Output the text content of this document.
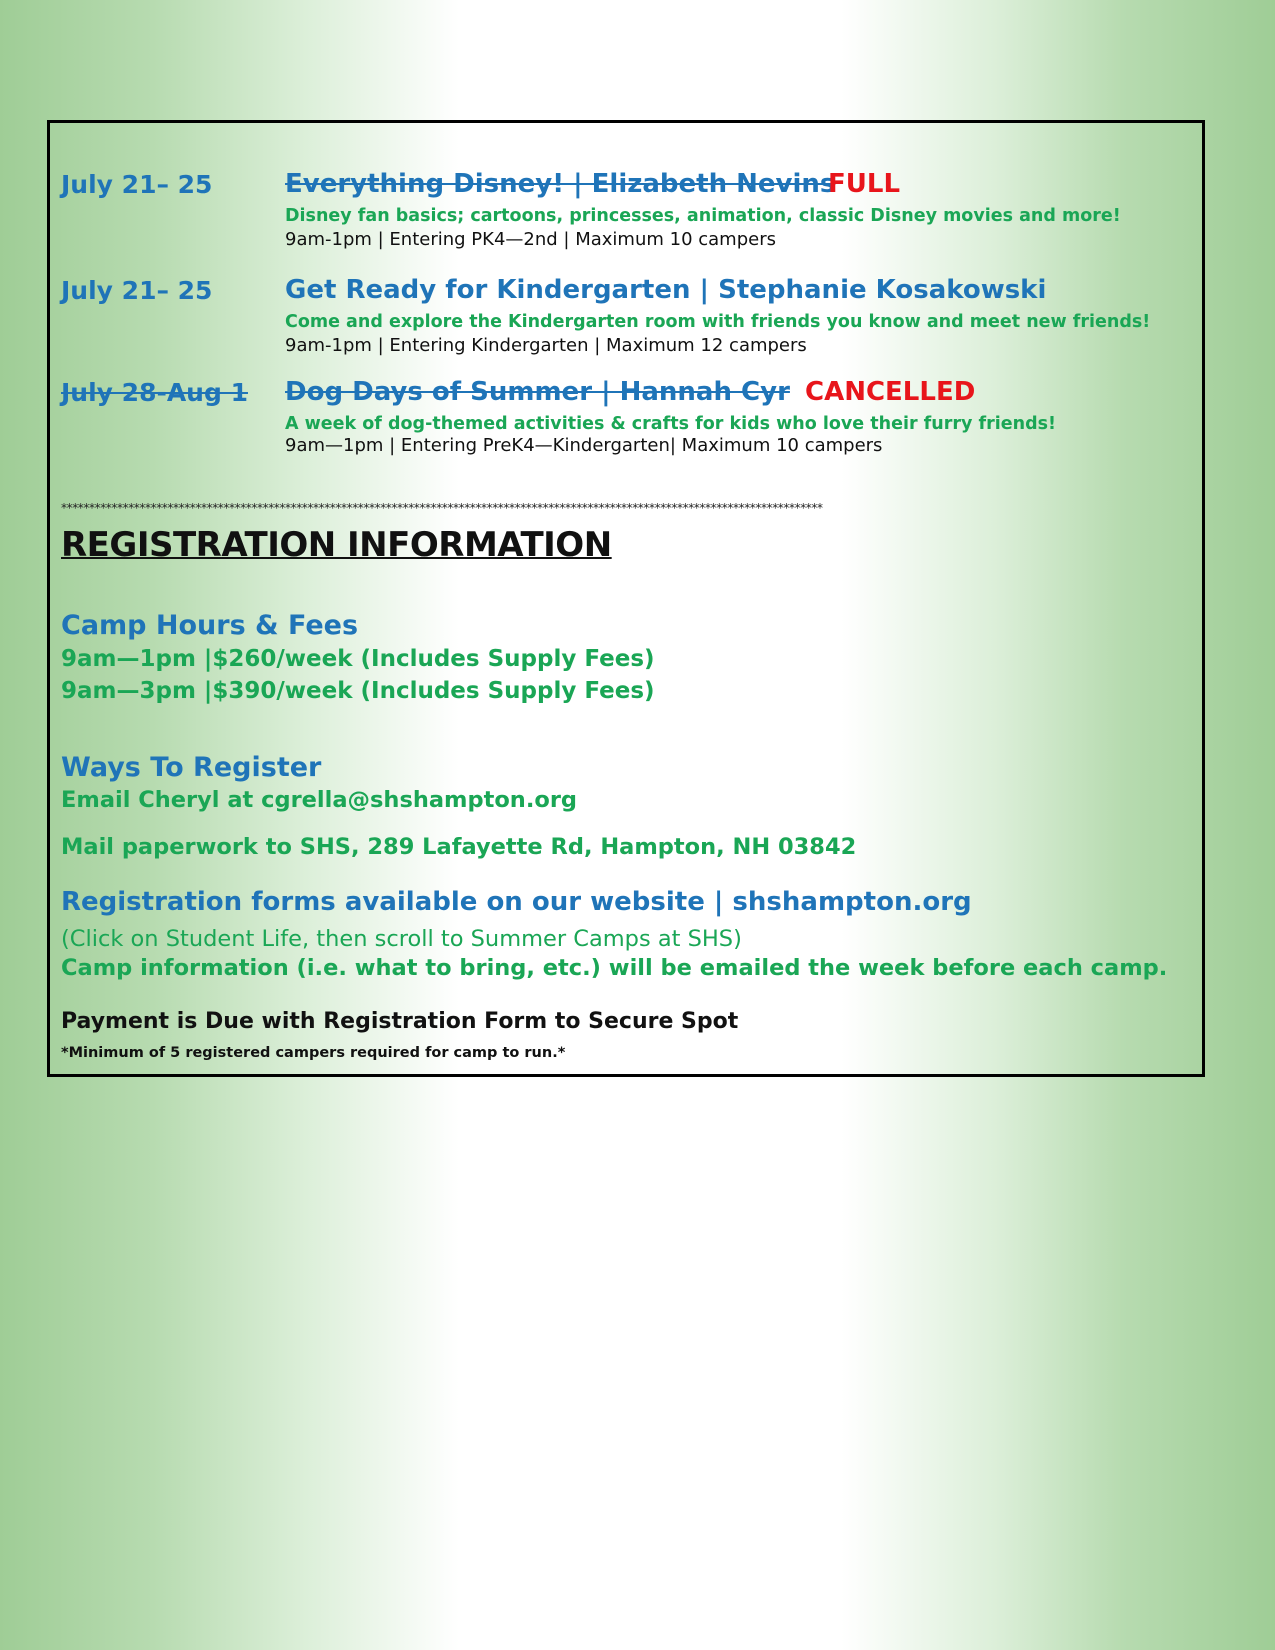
July 21– 25	Everything Disney! | Elizabeth Nevins
FULL
Disney fan basics; cartoons, princesses, animation, classic Disney movies and more!
9am-1pm | Entering PK4—2nd | Maximum 10 campers
July 21– 25	Get Ready for Kindergarten | Stephanie Kosakowski
Come and explore the Kindergarten room with friends you know and meet new friends!
9am-1pm | Entering Kindergarten | Maximum 12 campers
July 28-Aug 1 Dog Days of Summer | Hannah Cyr CANCELLED
A week of dog-themed activities & crafts for kids who love their furry friends!
9am—1pm | Entering PreK4—Kindergarten| Maximum 10 campers
****************************************************************************************************************************************
REGISTRATION INFORMATION
Camp Hours & Fees
9am—1pm |$260/week (Includes Supply Fees)
9am—3pm |$390/week (Includes Supply Fees)
Ways To Register
Email Cheryl at cgrella@shshampton.org
Mail paperwork to SHS, 289 Lafayette Rd, Hampton, NH 03842
Registration forms available on our website | shshampton.org
(Click on Student Life, then scroll to Summer Camps at SHS)
Camp information (i.e. what to bring, etc.) will be emailed the week before each camp.
Payment is Due with Registration Form to Secure Spot
*Minimum of 5 registered campers required for camp to run.*
